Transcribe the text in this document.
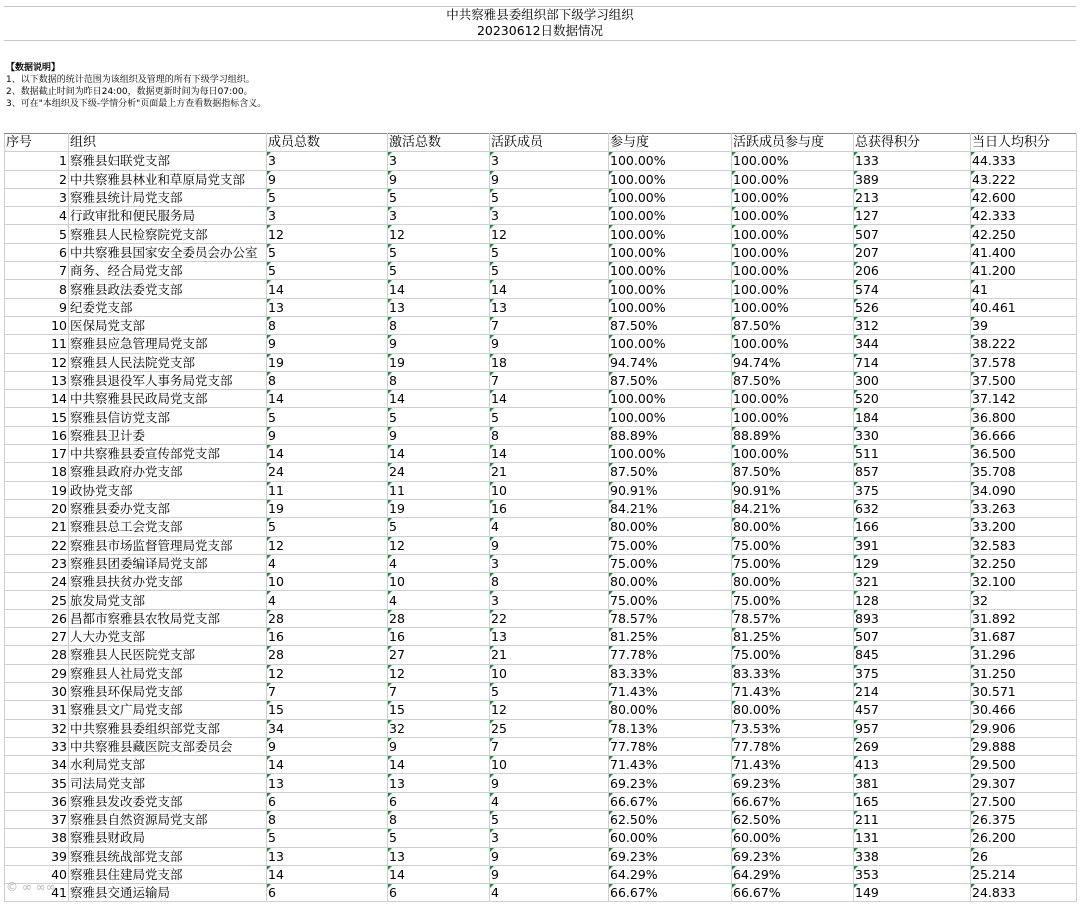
中共察雅县委组织部下级学习组织
20230612日数据情况
【数据说明】
1、以下数据的统计范围为该组织及管理的所有下级学习组织。
2、数据截止时间为昨日24:00，数据更新时间为每日07:00。
3、可在"本组织及下级-学情分析"页面最上方查看数据指标含义。
序号	组织	成员总数	激活总数	活跃成员	参与度	活跃成员参与度	总获得积分	当日人均积分
1	察雅县妇联党支部	3	3	3	100.00%	100.00%	133	44.333
2	中共察雅县林业和草原局党支部	9	9	9	100.00%	100.00%	389	43.222
3	察雅县统计局党支部	5	5	5	100.00%	100.00%	213	42.600
4	行政审批和便民服务局	3	3	3	100.00%	100.00%	127	42.333
5	察雅县人民检察院党支部	12	12	12	100.00%	100.00%	507	42.250
6	中共察雅县国家安全委员会办公室	5	5	5	100.00%	100.00%	207	41.400
7	商务、经合局党支部	5	5	5	100.00%	100.00%	206	41.200
8	察雅县政法委党支部	14	14	14	100.00%	100.00%	574	41
9	纪委党支部	13	13	13	100.00%	100.00%	526	40.461
10	医保局党支部	8	8	7	87.50%	87.50%	312	39
11	察雅县应急管理局党支部	9	9	9	100.00%	100.00%	344	38.222
12	察雅县人民法院党支部	19	19	18	94.74%	94.74%	714	37.578
13	察雅县退役军人事务局党支部	8	8	7	87.50%	87.50%	300	37.500
14	中共察雅县民政局党支部	14	14	14	100.00%	100.00%	520	37.142
15	察雅县信访党支部	5	5	5	100.00%	100.00%	184	36.800
16	察雅县卫计委	9	9	8	88.89%	88.89%	330	36.666
17	中共察雅县委宣传部党支部	14	14	14	100.00%	100.00%	511	36.500
18	察雅县政府办党支部	24	24	21	87.50%	87.50%	857	35.708
19	政协党支部	11	11	10	90.91%	90.91%	375	34.090
20	察雅县委办党支部	19	19	16	84.21%	84.21%	632	33.263
21	察雅县总工会党支部	5	5	4	80.00%	80.00%	166	33.200
22	察雅县市场监督管理局党支部	12	12	9	75.00%	75.00%	391	32.583
23	察雅县团委编译局党支部	4	4	3	75.00%	75.00%	129	32.250
24	察雅县扶贫办党支部	10	10	8	80.00%	80.00%	321	32.100
25	旅发局党支部	4	4	3	75.00%	75.00%	128	32
26	昌都市察雅县农牧局党支部	28	28	22	78.57%	78.57%	893	31.892
27	人大办党支部	16	16	13	81.25%	81.25%	507	31.687
28	察雅县人民医院党支部	28	27	21	77.78%	75.00%	845	31.296
29	察雅县人社局党支部	12	12	10	83.33%	83.33%	375	31.250
30	察雅县环保局党支部	7	7	5	71.43%	71.43%	214	30.571
31	察雅县文广局党支部	15	15	12	80.00%	80.00%	457	30.466
32	中共察雅县委组织部党支部	34	32	25	78.13%	73.53%	957	29.906
33	中共察雅县藏医院支部委员会	9	9	7	77.78%	77.78%	269	29.888
34	水利局党支部	14	14	10	71.43%	71.43%	413	29.500
35	司法局党支部	13	13	9	69.23%	69.23%	381	29.307
36	察雅县发改委党支部	6	6	4	66.67%	66.67%	165	27.500
37	察雅县自然资源局党支部	8	8	5	62.50%	62.50%	211	26.375
38	察雅县财政局	5	5	3	60.00%	60.00%	131	26.200
39	察雅县统战部党支部	13	13	9	69.23%	69.23%	338	26
40	察雅县住建局党支部	14	14	9	64.29%	64.29%	353	25.214
41	察雅县交通运输局	6	6	4	66.67%	66.67%	149	24.833
© ∞ ∞∞
